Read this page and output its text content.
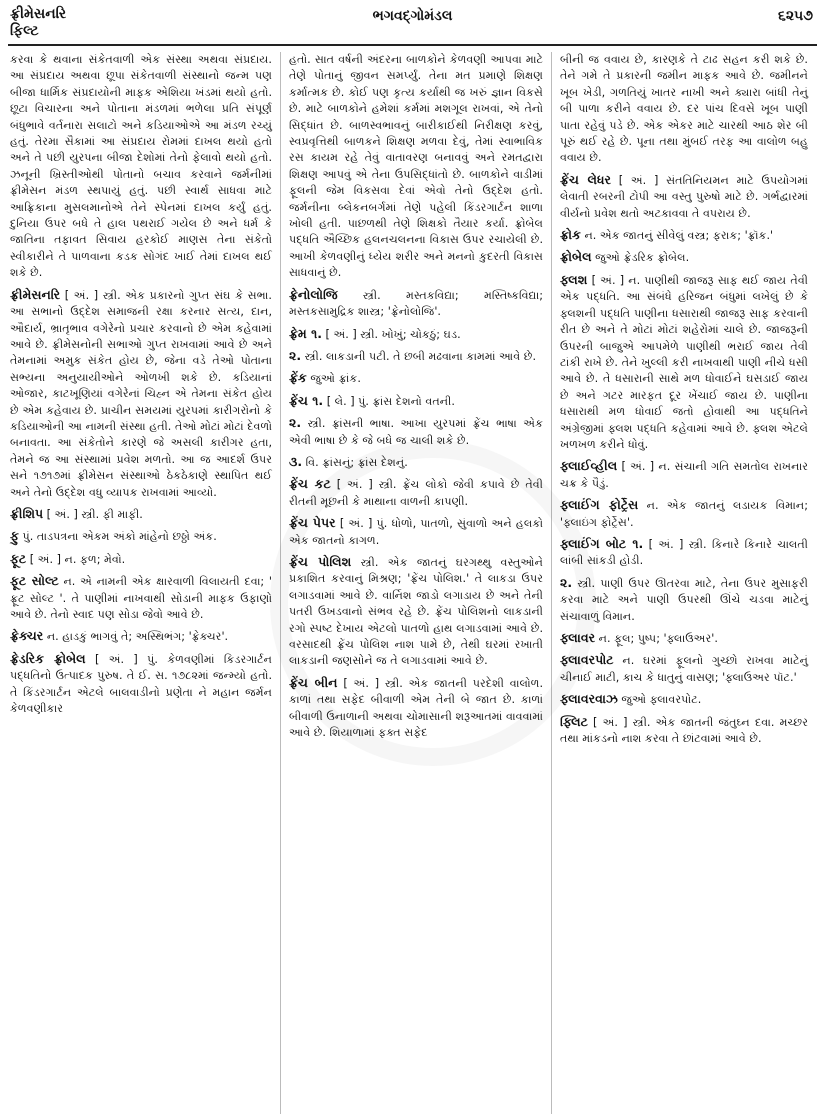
ફ્રીમેસનરિ
ફિલ્ટ
ભગવદ્ગોમંડલ	૬૨૫૭
કરવા કે થવાના સંકેતવાળી એક સંસ્થા અથવા સંપ્રદાય. આ સંપ્રદાય અથવા છૂપા સંકેતવાળી સંસ્થાનો જન્મ પણ બીજા ધાર્મિક સંપ્રદાયોની માફક એશિયા ખંડમાં થયો હતો. છૂટા વિચારના અને પોતાના મંડળમાં ભળેલા પ્રતિ સંપૂર્ણ બંધુભાવે વર્તનારા સલાટો અને કડિયાઓએ આ મંડળ રચ્યું હતું. તેરમા સૈકામાં આ સંપ્રદાય રોમમાં દાખલ થયો હતો અને તે પછી યુરપના બીજા દેશોમાં તેનો ફેલાવો થયો હતો. ઝનૂની ખ્રિસ્તીઓથી પોતાનો બચાવ કરવાને જર્મનીમાં ફ્રીમેસન મંડળ સ્થપાયું હતું. પછી સ્વાર્થ સાધવા માટે આફ્રિકાના મુસલમાનોએ તેને સ્પેનમાં દાખલ કર્યું હતું. દુનિયા ઉપર બધે તે હાલ પથરાઈ ગયેલ છે અને ધર્મ કે જાતિના તફાવત સિવાય હરકોઈ માણસ તેના સંકેતો સ્વીકારીને તે પાળવાના કડક સોગંદ ખાઈ તેમાં દાખલ થઈ શકે છે.
ફ્રીમેસનરિ [ અં. ] સ્ત્રી. એક પ્રકારનો ગુપ્ત સંઘ કે સભા. આ સભાનો ઉદ્દેશ સમાજની રક્ષા કરનાર સત્ય, દાન, ઔદાર્ય, ભ્રાતૃભાવ વગેરેનો પ્રચાર કરવાનો છે એમ કહેવામાં આવે છે. ફ્રીમેસનોની સભાઓ ગુપ્ત રાખવામાં આવે છે અને તેમનામાં અમુક સંકેત હોય છે, જેના વડે તેઓ પોતાના સભ્યના અનુયાયીઓને ઓળખી શકે છે. કડિયાનાં ઓજાર, કાટખૂણિયાં વગેરેનાં ચિહ્ન એ તેમના સંકેત હોય છે એમ કહેવાય છે. પ્રાચીન સમયમાં યુરપમાં કારીગરોનો કે કડિયાઓની આ નામની સંસ્થા હતી. તેઓ મોટાં મોટાં દેવળો બનાવતા. આ સંકેતોને કારણે જે અસલી કારીગર હતા, તેમને જ આ સંસ્થામાં પ્રવેશ મળતો. આ જ આદર્શ ઉપર સને ૧૭૧૭માં ફ્રીમેસન સંસ્થાઓ ઠેકઠેકાણે સ્થાપિત થઈ અને તેનો ઉદ્દેશ વધુ વ્યાપક રાખવામાં આવ્યો.
ફ્રીશિપ [ અં. ] સ્ત્રી. ફી માફી.
ફુ પું. તાડપત્રના એકમ અંકો માંહેનો છઠ્ઠો અંક.
ફૂટ [ અં. ] ન. ફળ; મેવો.
ફૂટ સોલ્ટ ન. એ નામની એક ક્ષારવાળી વિલાયતી દવા; ' ફ્રૂટ સોલ્ટ '. તે પાણીમાં નાખવાથી સોડાની માફક ઉફાણો આવે છે. તેનો સ્વાદ પણ સોડા જેવો આવે છે.
ફ્રેક્ચર ન. હાડકું ભાગવું તે; અસ્થિભંગ; 'ફ્રેક્ચર'.
ફ્રેડરિક ફ્રોબેલ [ અં. ] પું. કેળવણીમાં કિડરગાર્ટન પદ્ધતિનો ઉત્પાદક પુરુષ. તે ઈ. સ. ૧૭૮૨માં જન્મ્યો હતો. તે કિંડરગાર્ટન એટલે બાલવાડીનો પ્રણેતા ને મહાન જર્મન કેળવણીકાર
હતો. સાત વર્ષની અંદરના બાળકોને કેળવણી આપવા માટે તેણે પોતાનું જીવન સમર્પ્યું. તેના મત પ્રમાણે શિક્ષણ કર્માત્મક છે. કોઈ પણ કૃત્ય કર્યાથી જ ખરું જ્ઞાન વિકસે છે. માટે બાળકોને હમેશાં કર્મમાં મશગૂલ રાખવાં, એ તેનો સિદ્ધાંત છે. બાળસ્વભાવનું બારીકાઈથી નિરીક્ષણ કરવું, સ્વપ્રવૃત્તિથી બાળકને શિક્ષણ મળવા દેવું, તેમાં સ્વાભાવિક રસ કાયમ રહે તેવું વાતાવરણ બનાવવું અને રમતદ્વારા શિક્ષણ આપવું એ તેના ઉપસિદ્ધાંતો છે. બાળકોને વાડીમાં ફૂલની જેમ વિકસવા દેવાં એવો તેનો ઉદ્દેશ હતો. જર્મનીના બ્લેકનબર્ગમાં તેણે પહેલી કિંડરગાર્ટન શાળા ખોલી હતી. પાછળથી તેણે શિક્ષકો તૈયાર કર્યા. ફ્રોબેલ પદ્ધતિ ઐચ્છિક હલનચલનના વિકાસ ઉપર રચાયેલી છે. આખી કેળવણીનું ધ્યેય શરીર અને મનનો કુદરતી વિકાસ સાધવાનું છે.
ફ્રેનોલોજિ સ્ત્રી. મસ્તકવિદ્યા; મસ્તિષ્કવિદ્યા; મસ્તકસામુદ્રિક શાસ્ત્ર; 'ફ્રેનોલોજિ'.
ફ્રેમ ૧. [ અં. ] સ્ત્રી. ખોખું; ચોકઠું; ઘડ.
૨. સ્ત્રી. લાકડાની પટી. તે છબી મઢવાના કામમાં આવે છે.
ફ્રેંક જુઓ ફ્રાંક.
ફ્રેંચ ૧. [ લે. ] પું. ફ્રાંસ દેશનો વતની.
૨. સ્ત્રી. ફ્રાંસની ભાષા. આખા યુરપમાં ફ્રેંચ ભાષા એક એવી ભાષા છે કે જે બધે જ ચાલી શકે છે.
૩. વિ. ફ્રાંસનું; ફ્રાંસ દેશનું.
ફ્રેંચ કટ [ અં. ] સ્ત્રી. ફ્રેંચ લોકો જેવી કપાવે છે તેવી રીતની મૂછની કે માથાના વાળની કાપણી.
ફ્રેંચ પેપર [ અં. ] પું. ધોળો, પાતળો, સુંવાળો અને હલકો એક જાતનો કાગળ.
ફ્રેંચ પોલિશ સ્ત્રી. એક જાતનું ઘરગથ્થુ વસ્તુઓને પ્રકાશિત કરવાનું મિશ્રણ; 'ફ્રેંચ પોલિશ.' તે લાકડા ઉપર લગાડવામાં આવે છે. વાર્નિશ જાડો લગાડાય છે અને તેની પતરી ઉખડવાનો સંભવ રહે છે. ફ્રેંચ પોલિશનો લાકડાની રગો સ્પષ્ટ દેખાય એટલો પાતળો હાથ લગાડવામાં આવે છે. વરસાદથી ફ્રેંચ પોલિશ નાશ પામે છે, તેથી ઘરમાં રખાતી લાકડાની જણસોને જ તે લગાડવામાં આવે છે.
ફ્રેંચ બીન [ અં. ] સ્ત્રી. એક જાતની પરદેશી વાલોળ. કાળાં તથા સફેદ બીવાળી એમ તેની બે જાત છે. કાળાં બીવાળી ઉનાળાની અથવા ચોમાસાની શરૂઆતમાં વાવવામાં આવે છે. શિયાળામાં ફક્ત સફેદ
બીની જ વવાય છે, કારણકે તે ટાઢ સહન કરી શકે છે. તેને ગમે તે પ્રકારની જમીન માફક આવે છે. જમીનને ખૂબ ખેડી, ગળતિયું ખાતર નાખી અને ક્યારા બાંધી તેનું બી પાળા કરીને વવાય છે. દર પાંચ દિવસે ખૂબ પાણી પાતા રહેવું પડે છે. એક એકર માટે ચારથી આઠ શેર બી પૂરું થઈ રહે છે. પૂના તથા મુંબઈ તરફ આ વાલોળ બહુ વવાય છે.
ફ્રેંચ લેધર [ અં. ] સંતતિનિયમન માટે ઉપયોગમાં લેવાતી રબરની ટોપી આ વસ્તુ પુરુષો માટે છે. ગર્ભદ્વારમાં વીર્યનો પ્રવેશ થતો અટકાવવા તે વપરાય છે.
ફ્રોક ન. એક જાતનું સીવેલું વસ્ત્ર; ફરાક; 'ફ્રૉક.'
ફ્રોબેલ જુઓ ફ્રેડરિક ફ્રોબેલ.
ફ્લશ [ અં. ] ન. પાણીથી જાજરૂ સાફ થઈ જાય તેવી એક પદ્ધતિ. આ સંબંધે હરિજન બંધુમાં લખેલું છે કે ફ્લશની પદ્ધતિ પાણીના ધસારાથી જાજરૂ સાફ કરવાની રીત છે અને તે મોટાં મોટાં શહેરોમાં ચાલે છે. જાજરૂની ઉપરની બાજુએ આપમેળે પાણીથી ભરાઈ જાય તેવી ટાંકી રાખે છે. તેને ખુલ્લી કરી નાખવાથી પાણી નીચે ધસી આવે છે. તે ધસારાની સાથે મળ ધોવાઈને ઘસડાઈ જાય છે અને ગટર મારફત દૂર ખેંચાઈ જાય છે. પાણીના ધસારાથી મળ ધોવાઈ જતો હોવાથી આ પદ્ધતિને અંગ્રેજીમાં ફ્લશ પદ્ધતિ કહેવામાં આવે છે. ફ્લશ એટલે ખળખળ કરીને ધોવું.
ફ્લાઈવ્હીલ [ અં. ] ન. સંચાની ગતિ સમતોલ રાખનાર ચક્ર કે પૈડું.
ફ્લાઈંગ ફોર્ટ્રેસ ન. એક જાતનું લડાયક વિમાન; 'ફ્લાઇંગ ફોર્ટ્રેસ'.
ફ્લાઈંગ બોટ ૧. [ અં. ] સ્ત્રી. કિનારે કિનારે ચાલતી લાંબી સાંકડી હોડી.
૨. સ્ત્રી. પાણી ઉપર ઊતરવા માટે, તેના ઉપર મુસાફરી કરવા માટે અને પાણી ઉપરથી ઊંચે ચડવા માટેનું સંચાવાળું વિમાન.
ફ્લાવર ન. ફૂલ; પુષ્પ; 'ફ્લાઉઅર'.
ફ્લાવરપોટ ન. ઘરમાં ફૂલનો ગુચ્છો રાખવા માટેનું ચીનાઈ માટી, કાચ કે ધાતુનું વાસણ; 'ફ્લાઉઅર પૉટ.'
ફ્લાવરવાઝ જુઓ ફ્લાવરપોટ.
ફ્લિટ [ અં. ] સ્ત્રી. એક જાતની જંતુઘ્ન દવા. મચ્છર તથા માંકડનો નાશ કરવા તે છાંટવામાં આવે છે.
